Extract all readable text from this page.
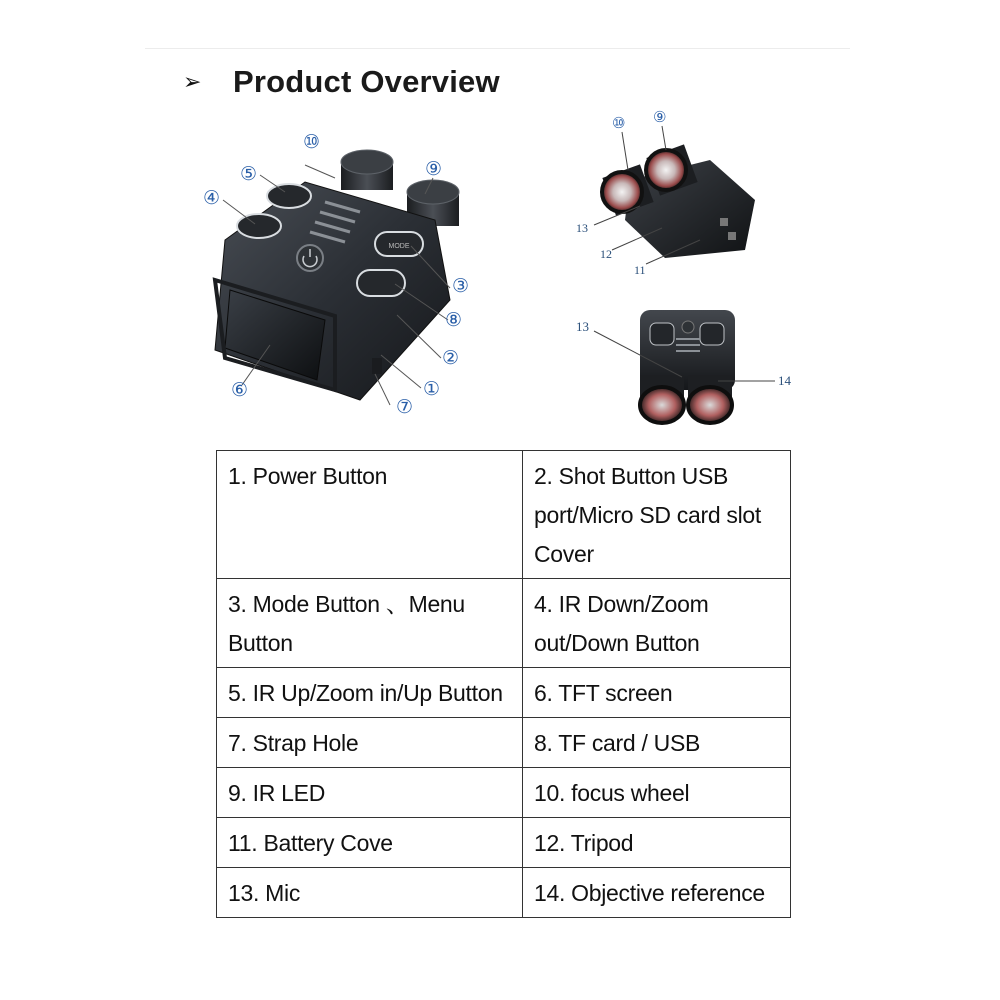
➢	Product Overview
MODE
⑩
⑨
⑤
④
③
⑧
②
①
⑦
⑥
⑩ ⑨
13
12
11
13
14
1. Power Button	2. Shot Button USB port/Micro SD card slot Cover
3. Mode Button 、Menu Button	4. IR Down/Zoom out/Down Button
5. IR Up/Zoom in/Up Button	6. TFT screen
7. Strap Hole	8. TF card / USB
9. IR LED	10. focus wheel
11. Battery Cove	12. Tripod
13. Mic	14. Objective reference
